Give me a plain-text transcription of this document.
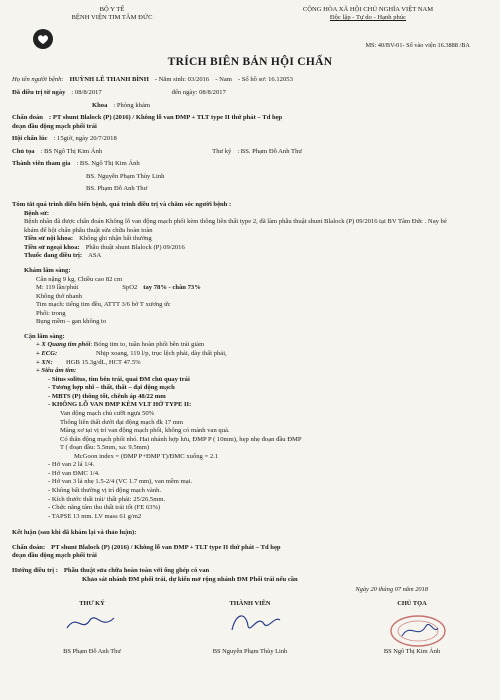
BỘ Y TẾ
BỆNH VIỆN TIM TÂM ĐỨC
CỘNG HÒA XÃ HỘI CHỦ NGHĨA VIỆT NAM
Độc lập - Tự do - Hạnh phúc
MS: 40/BV-01- Số vào viện 16.3888 /BA
TRÍCH BIÊN BẢN HỘI CHẨN
Họ tên người bệnh: HUỲNH LÊ THANH BÌNH - Năm sinh: 03/2016 - Nam - Số hồ sơ: 16.12053
Đã điều trị từ ngày : 08/8/2017	đến ngày: 08/8/2017
Khoa : Phòng khám
Chẩn đoán : PT shunt Blalock (P) (2016) / Không lỗ van ĐMP + TLT type II thứ phát – Td hẹp
đoạn đầu động mạch phổi trái
Hội chẩn lúc : 15giờ, ngày 20/7/2018
Chủ tọa : BS Ngô Thị Kim Ánh	Thư ký : BS. Phạm Đỗ Anh Thư
Thành viên tham gia : BS. Ngô Thị Kim Ánh
BS. Nguyễn Phạm Thùy Linh
BS. Phạm Đỗ Anh Thư
Tóm tắt quá trình diễn biến bệnh, quá trình điều trị và chăm sóc người bệnh :
Bệnh sử:
Bệnh nhân đã được chẩn đoán Không lỗ van động mạch phổi kèm thông liên thất type 2, đã làm phẫu thuật shunt Blalock (P) 09/2016 tại BV Tâm Đức . Nay bé khám để hội chẩn phẫu thuật sửa chữa hoàn toàn
Tiền sử nội khoa: Không ghi nhận bất thường
Tiền sử ngoại khoa: Phẫu thuật shunt Blalock (P) 09/2016
Thuốc đang điều trị: ASA
Khám lâm sàng:
Cân nặng 9 kg, Chiều cao 82 cm
M: 119 lần/phút	SpO2 tay 78% - chân 73%
Không thở nhanh
Tim mạch: tiếng tim đều, ATTT 3/6 bờ T xương ức
Phổi: trong
Bụng mềm – gan không to
Cận lâm sàng:
+ X Quang tim phổi : Bóng tim to, tuần hoàn phổi bên trái giảm
+ ECG:	Nhịp xoang, 119 l/p, trục lệch phải, dày thất phải,
+ XN:	HGB 15.3g/dL, HCT 47.5%
+ Siêu âm tim:
- Situs solitus, tim bên trái, quai ĐM chủ quay trái
- Tương hợp nhĩ – thất, thất – đại động mạch
- MBTS (P) thông tốt, chênh áp 48/22 mm
- KHÔNG LỖ VAN ĐMP KÈM VLT HỞ TYPE II:
Van động mạch chủ cưỡi ngựa 50%
Thông liên thất dưới đại động mạch đk 17 mm
Màng xơ tại vị trí van động mạch phổi, không có mảnh van quả.
Có thân động mạch phổi nhỏ. Hai nhánh hợp lưu, ĐMP P ( 10mm), hẹp nhẹ đoạn đầu ĐMP
T ( đoạn đầu: 5.5mm, xa: 9.5mm)
McGoon index = (ĐMP P+ĐMP T)/ĐMC xuống = 2.1
- Hở van 2 lá 1/4.
- Hở van ĐMC 1/4.
- Hở van 3 lá nhẹ 1.5-2/4 (VC 1.7 mm), van mềm mại.
- Không bất thường vị trí động mạch vành.
- Kích thước thất trái/ thất phải: 25/26.5mm.
- Chức năng tâm thu thất trái tốt (FE 63%)
- TAPSE 13 mm. LV mass 61 g/m2
Kết luận (sau khi đã khám lại và thảo luận):
Chẩn đoán: PT shunt Blalock (P) (2016) / Không lỗ van ĐMP + TLT type II thứ phát – Td hẹp
đoạn đầu động mạch phổi trái
Hướng điều trị : Phẫu thuật sửa chữa hoàn toàn với ống ghép có van
Khảo sát nhánh ĐM phổi trái, dự kiến mở rộng nhánh ĐM Phổi trái nếu cần
Ngày 20 tháng 07 năm 2018
THƯ KÝ
BS Phạm Đỗ Anh Thư
THÀNH VIÊN
BS Nguyễn Phạm Thùy Linh
CHỦ TỌA
BS Ngô Thị Kim Ánh
